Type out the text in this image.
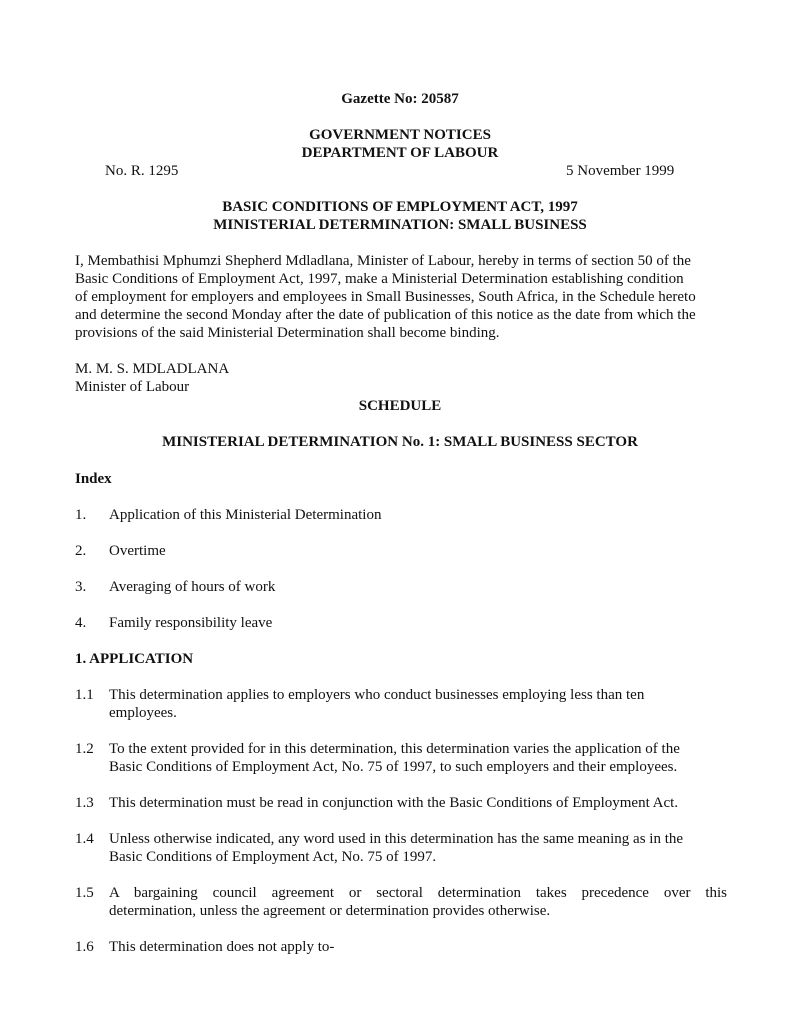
Gazette No: 20587
GOVERNMENT NOTICES
DEPARTMENT OF LABOUR
No. R. 1295	5 November 1999
BASIC CONDITIONS OF EMPLOYMENT ACT, 1997
MINISTERIAL DETERMINATION: SMALL BUSINESS
I, Membathisi Mphumzi Shepherd Mdladlana, Minister of Labour, hereby in terms of section 50 of the
Basic Conditions of Employment Act, 1997, make a Ministerial Determination establishing condition
of employment for employers and employees in Small Businesses, South Africa, in the Schedule hereto
and determine the second Monday after the date of publication of this notice as the date from which the
provisions of the said Ministerial Determination shall become binding.
M. M. S. MDLADLANA
Minister of Labour
SCHEDULE
MINISTERIAL DETERMINATION No. 1: SMALL BUSINESS SECTOR
Index
1. Application of this Ministerial Determination
2. Overtime
3. Averaging of hours of work
4. Family responsibility leave
1. APPLICATION
1.1 This determination applies to employers who conduct businesses employing less than ten
employees.
1.2 To the extent provided for in this determination, this determination varies the application of the
Basic Conditions of Employment Act, No. 75 of 1997, to such employers and their employees.
1.3 This determination must be read in conjunction with the Basic Conditions of Employment Act.
1.4 Unless otherwise indicated, any word used in this determination has the same meaning as in the
Basic Conditions of Employment Act, No. 75 of 1997.
1.5 A bargaining council agreement or sectoral determination takes precedence over this
determination, unless the agreement or determination provides otherwise.
1.6 This determination does not apply to-
